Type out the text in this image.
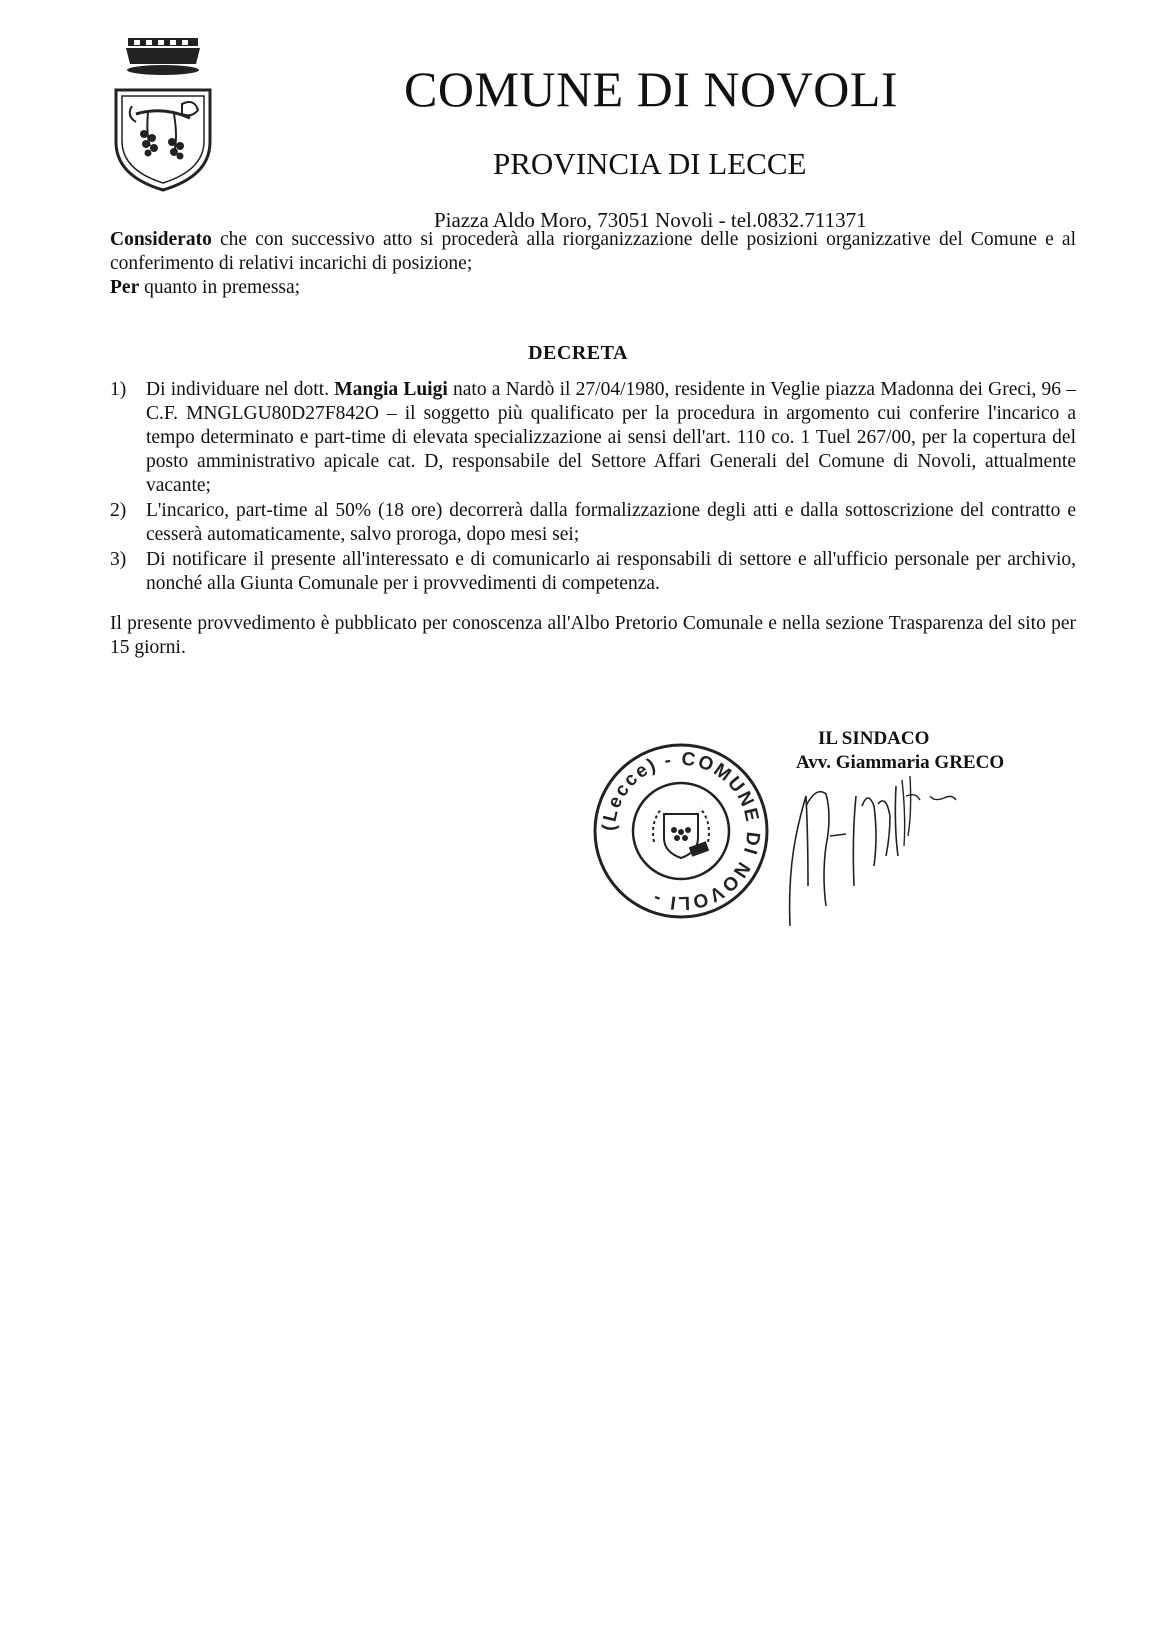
COMUNE DI NOVOLI
PROVINCIA DI LECCE
Piazza Aldo Moro, 73051 Novoli - tel.0832.711371
Considerato che con successivo atto si procederà alla riorganizzazione delle posizioni organizzative del Comune e al conferimento di relativi incarichi di posizione;
Per quanto in premessa;
DECRETA
1)	Di individuare nel dott. Mangia Luigi nato a Nardò il 27/04/1980, residente in Veglie piazza Madonna dei Greci, 96 – C.F. MNGLGU80D27F842O – il soggetto più qualificato per la procedura in argomento cui conferire l'incarico a tempo determinato e part-time di elevata specializzazione ai sensi dell'art. 110 co. 1 Tuel 267/00, per la copertura del posto amministrativo apicale cat. D, responsabile del Settore Affari Generali del Comune di Novoli, attualmente vacante;
2)	L'incarico, part-time al 50% (18 ore) decorrerà dalla formalizzazione degli atti e dalla sottoscrizione del contratto e cesserà automaticamente, salvo proroga, dopo mesi sei;
3)	Di notificare il presente all'interessato e di comunicarlo ai responsabili di settore e all'ufficio personale per archivio, nonché alla Giunta Comunale per i provvedimenti di competenza.
Il presente provvedimento è pubblicato per conoscenza all'Albo Pretorio Comunale e nella sezione Trasparenza del sito per 15 giorni.
(Lecce) - COMUNE DI NOVOLI -
IL SINDACO
Avv. Giammaria GRECO
